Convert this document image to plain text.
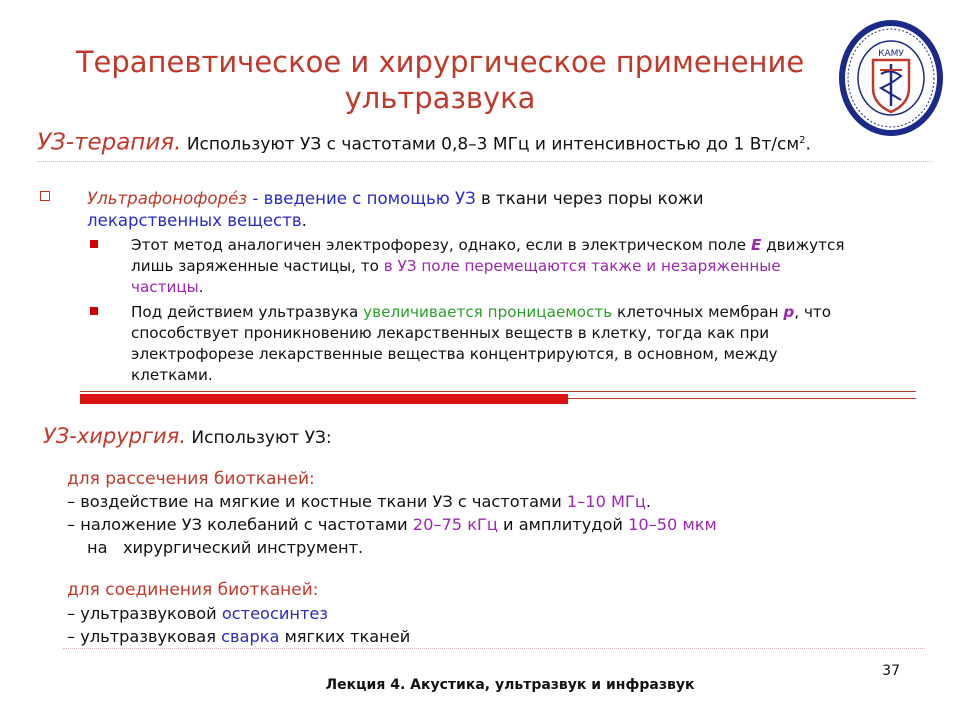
Терапевтическое и хирургическое применение
ультразвука
КАМУ
УЗ-терапия. Используют УЗ с частотами 0,8–3 МГц и интенсивностью до 1 $Вт/см^2$.
Ультрафонофоре́з - введение с помощью УЗ в ткани через поры кожи
лекарственных веществ.
Этот метод аналогичен электрофорезу, однако, если в электрическом поле E движутся
лишь заряженные частицы, то в УЗ поле перемещаются также и незаряженные
частицы.
Под действием ультразвука увеличивается проницаемость клеточных мембран p, что
способствует проникновению лекарственных веществ в клетку, тогда как при
электрофорезе лекарственные вещества концентрируются, в основном, между
клетками.
УЗ-хирургия. Используют УЗ:
для рассечения биотканей:
– воздействие на мягкие и костные ткани УЗ с частотами 1–10 МГц.
– наложение УЗ колебаний с частотами 20–75 кГц и амплитудой 10–50 мкм
на   хирургический инструмент.
для соединения биотканей:
– ультразвуковой остеосинтез
– ультразвуковая сварка мягких тканей
37
Лекция 4. Акустика, ультразвук и инфразвук
